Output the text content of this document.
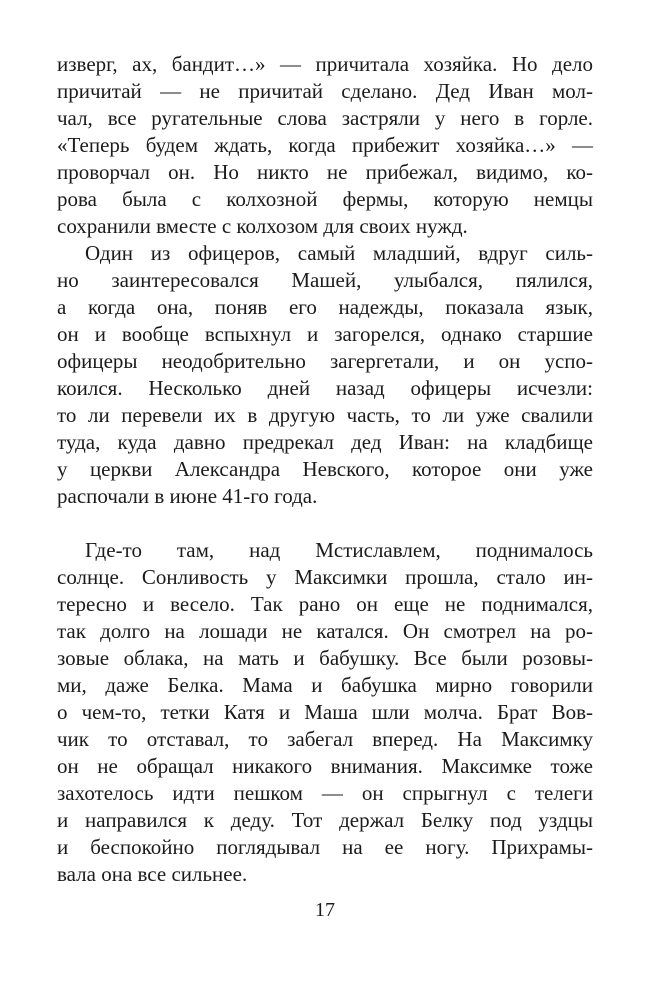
изверг, ах, бандит…» — причитала хозяйка. Но дело
причитай — не причитай сделано. Дед Иван мол-
чал, все ругательные слова застряли у него в горле.
«Теперь будем ждать, когда прибежит хозяйка…» —
проворчал он. Но никто не прибежал, видимо, ко-
рова была с колхозной фермы, которую немцы
сохранили вместе с колхозом для своих нужд.
Один из офицеров, самый младший, вдруг силь-
но заинтересовался Машей, улыбался, пялился,
а когда она, поняв его надежды, показала язык,
он и вообще вспыхнул и загорелся, однако старшие
офицеры неодобрительно загергетали, и он успо-
коился. Несколько дней назад офицеры исчезли:
то ли перевели их в другую часть, то ли уже свалили
туда, куда давно предрекал дед Иван: на кладбище
у церкви Александра Невского, которое они уже
распочали в июне 41-го года.
Где-то там, над Мстиславлем, поднималось
солнце. Сонливость у Максимки прошла, стало ин-
тересно и весело. Так рано он еще не поднимался,
так долго на лошади не катался. Он смотрел на ро-
зовые облака, на мать и бабушку. Все были розовы-
ми, даже Белка. Мама и бабушка мирно говорили
о чем-то, тетки Катя и Маша шли молча. Брат Вов-
чик то отставал, то забегал вперед. На Максимку
он не обращал никакого внимания. Максимке тоже
захотелось идти пешком — он спрыгнул с телеги
и направился к деду. Тот держал Белку под уздцы
и беспокойно поглядывал на ее ногу. Прихрамы-
вала она все сильнее.
17
